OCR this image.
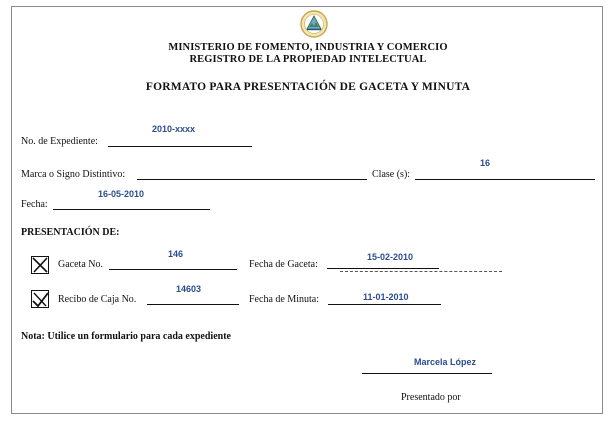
MINISTERIO DE FOMENTO, INDUSTRIA Y COMERCIO
REGISTRO DE LA PROPIEDAD INTELECTUAL
FORMATO PARA PRESENTACIÓN DE GACETA Y MINUTA
No. de Expediente:
2010-xxxx
Marca o Signo Distintivo:	Clase (s):
16
Fecha:
16-05-2010
PRESENTACIÓN DE:
Gaceta No.
146
Fecha de Gaceta:
15-02-2010
Recibo de Caja No.
14603
Fecha de Minuta:	11-01-2010
Nota: Utilice un formulario para cada expediente
Marcela López
Presentado por
